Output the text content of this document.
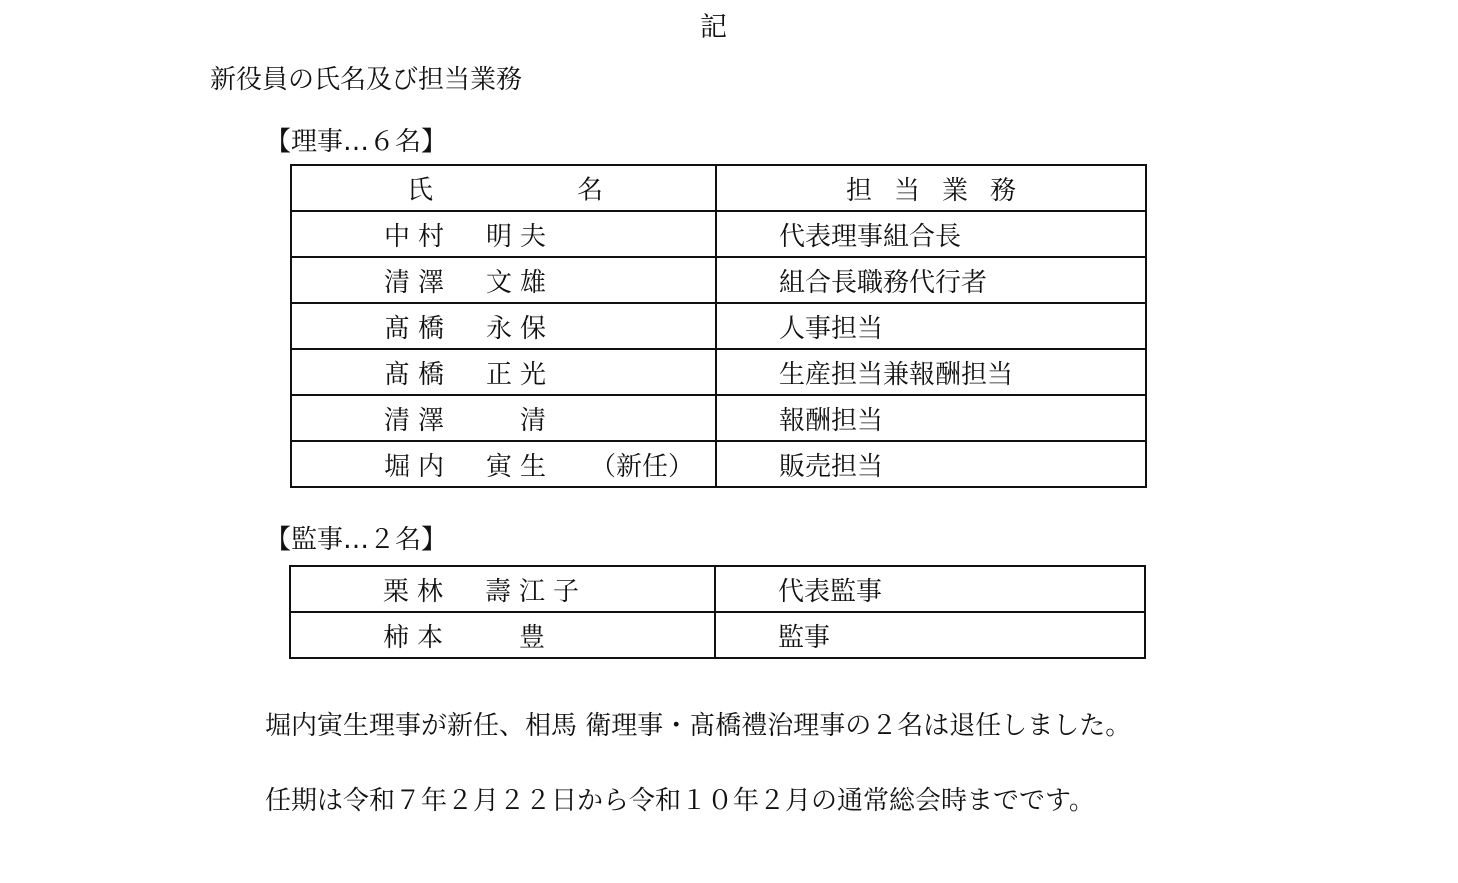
記
新役員の氏名及び担当業務
【理事…６名】
氏 名	担当業務
中村 明夫	代表理事組合長
清澤 文雄	組合長職務代行者
髙橋 永保	人事担当
髙橋 正光	生産担当兼報酬担当
清澤　清	報酬担当
堀内 寅生 （新任）	販売担当
【監事…２名】
栗林 壽江子	代表監事
柿本　豊	監事
堀内寅生理事が新任、相馬 衛理事・髙橋禮治理事の２名は退任しました。
任期は令和７年２月２２日から令和１０年２月の通常総会時までです。
